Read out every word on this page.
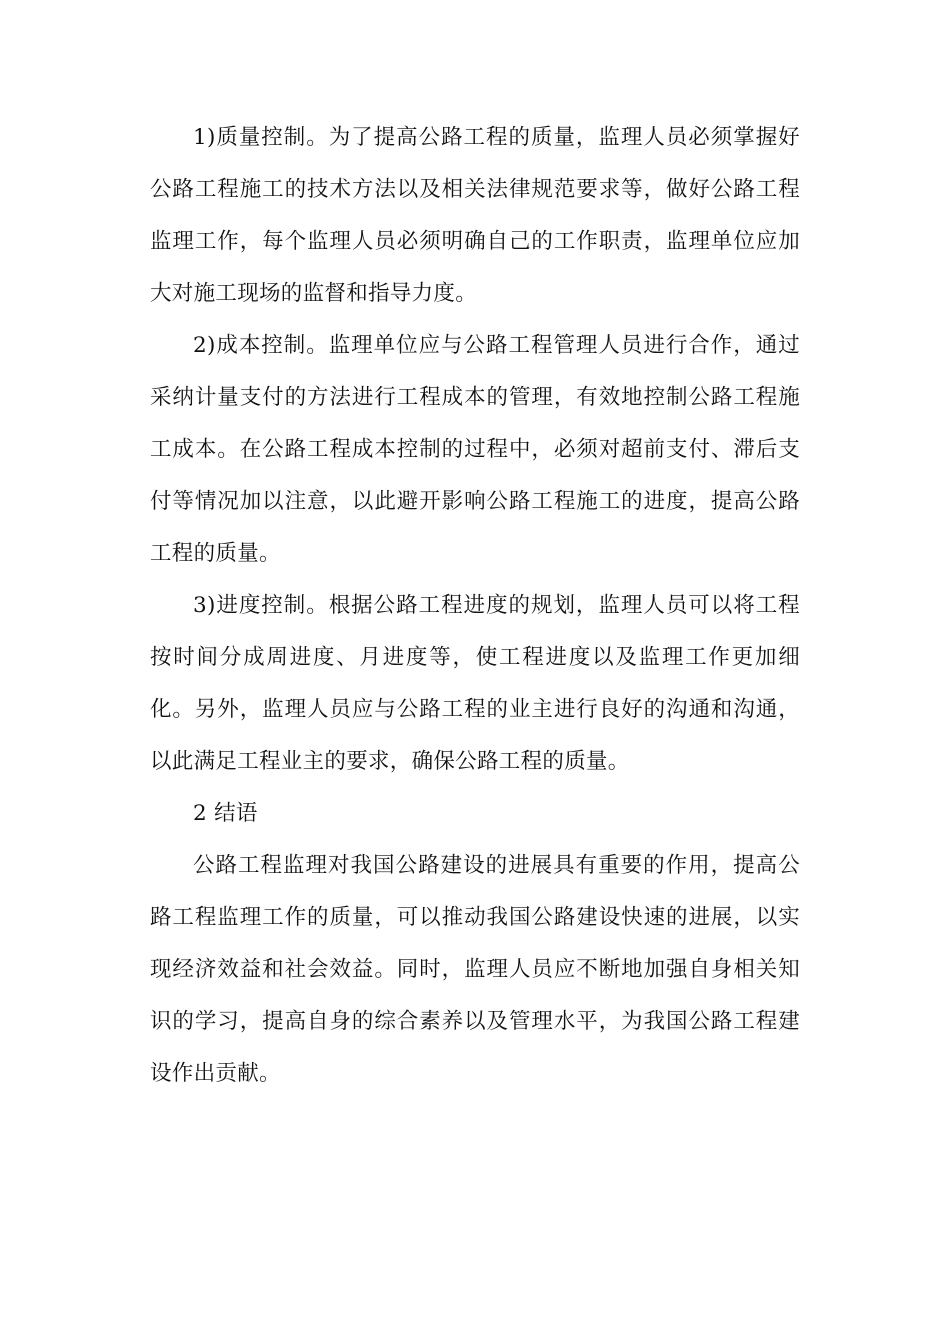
1)质量控制。为了提高公路工程的质量，监理人员必须掌握好公路工程施工的技术方法以及相关法律规范要求等，做好公路工程监理工作，每个监理人员必须明确自己的工作职责，监理单位应加大对施工现场的监督和指导力度。

2)成本控制。监理单位应与公路工程管理人员进行合作，通过采纳计量支付的方法进行工程成本的管理，有效地控制公路工程施工成本。在公路工程成本控制的过程中，必须对超前支付、滞后支付等情况加以注意，以此避开影响公路工程施工的进度，提高公路工程的质量。

3)进度控制。根据公路工程进度的规划，监理人员可以将工程按时间分成周进度、月进度等，使工程进度以及监理工作更加细化。另外，监理人员应与公路工程的业主进行良好的沟通和沟通，以此满足工程业主的要求，确保公路工程的质量。

2 结语

公路工程监理对我国公路建设的进展具有重要的作用，提高公路工程监理工作的质量，可以推动我国公路建设快速的进展，以实现经济效益和社会效益。同时，监理人员应不断地加强自身相关知识的学习，提高自身的综合素养以及管理水平，为我国公路工程建设作出贡献。
